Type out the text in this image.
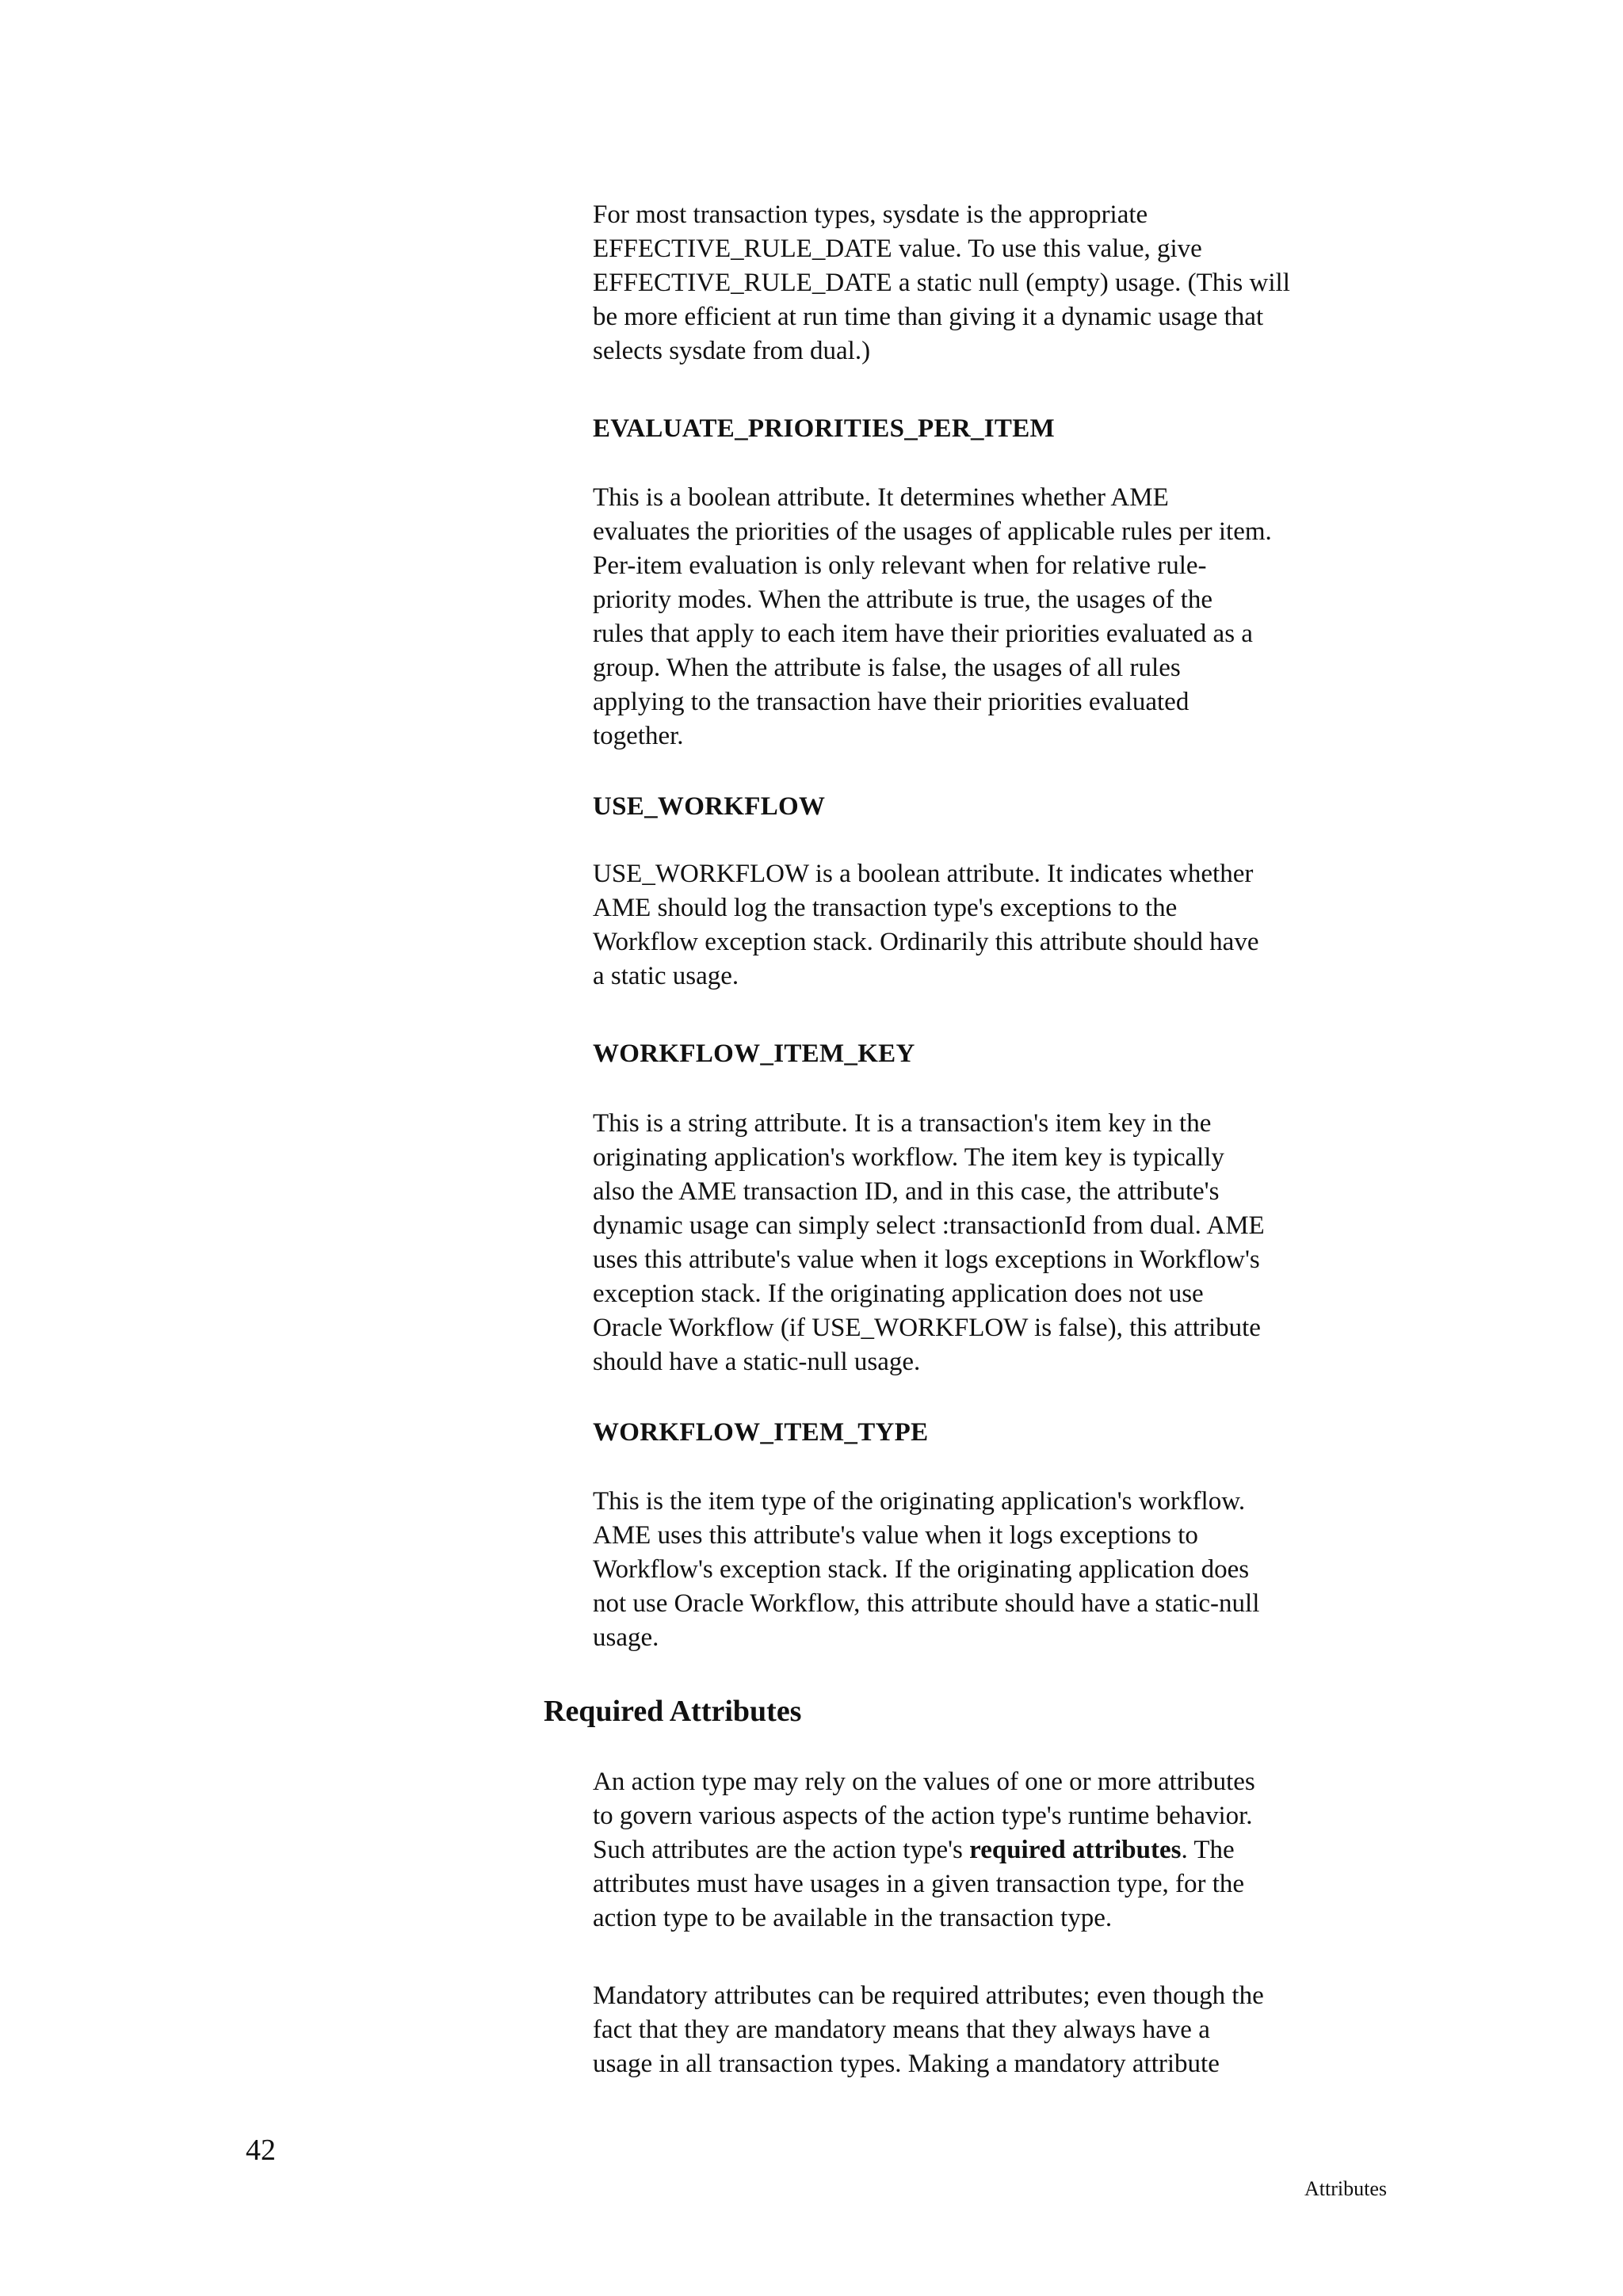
For most transaction types, sysdate is the appropriate
EFFECTIVE_RULE_DATE value. To use this value, give
EFFECTIVE_RULE_DATE a static null (empty) usage. (This will
be more efficient at run time than giving it a dynamic usage that
selects sysdate from dual.)
EVALUATE_PRIORITIES_PER_ITEM
This is a boolean attribute. It determines whether AME
evaluates the priorities of the usages of applicable rules per item.
Per-item evaluation is only relevant when for relative rule-
priority modes. When the attribute is true, the usages of the
rules that apply to each item have their priorities evaluated as a
group. When the attribute is false, the usages of all rules
applying to the transaction have their priorities evaluated
together.
USE_WORKFLOW
USE_WORKFLOW is a boolean attribute. It indicates whether
AME should log the transaction type's exceptions to the
Workflow exception stack. Ordinarily this attribute should have
a static usage.
WORKFLOW_ITEM_KEY
This is a string attribute. It is a transaction's item key in the
originating application's workflow. The item key is typically
also the AME transaction ID, and in this case, the attribute's
dynamic usage can simply select :transactionId from dual. AME
uses this attribute's value when it logs exceptions in Workflow's
exception stack. If the originating application does not use
Oracle Workflow (if USE_WORKFLOW is false), this attribute
should have a static-null usage.
WORKFLOW_ITEM_TYPE
This is the item type of the originating application's workflow.
AME uses this attribute's value when it logs exceptions to
Workflow's exception stack. If the originating application does
not use Oracle Workflow, this attribute should have a static-null
usage.
Required Attributes
An action type may rely on the values of one or more attributes
to govern various aspects of the action type's runtime behavior.
Such attributes are the action type's required attributes. The
attributes must have usages in a given transaction type, for the
action type to be available in the transaction type.
Mandatory attributes can be required attributes; even though the
fact that they are mandatory means that they always have a
usage in all transaction types. Making a mandatory attribute
42
Attributes
